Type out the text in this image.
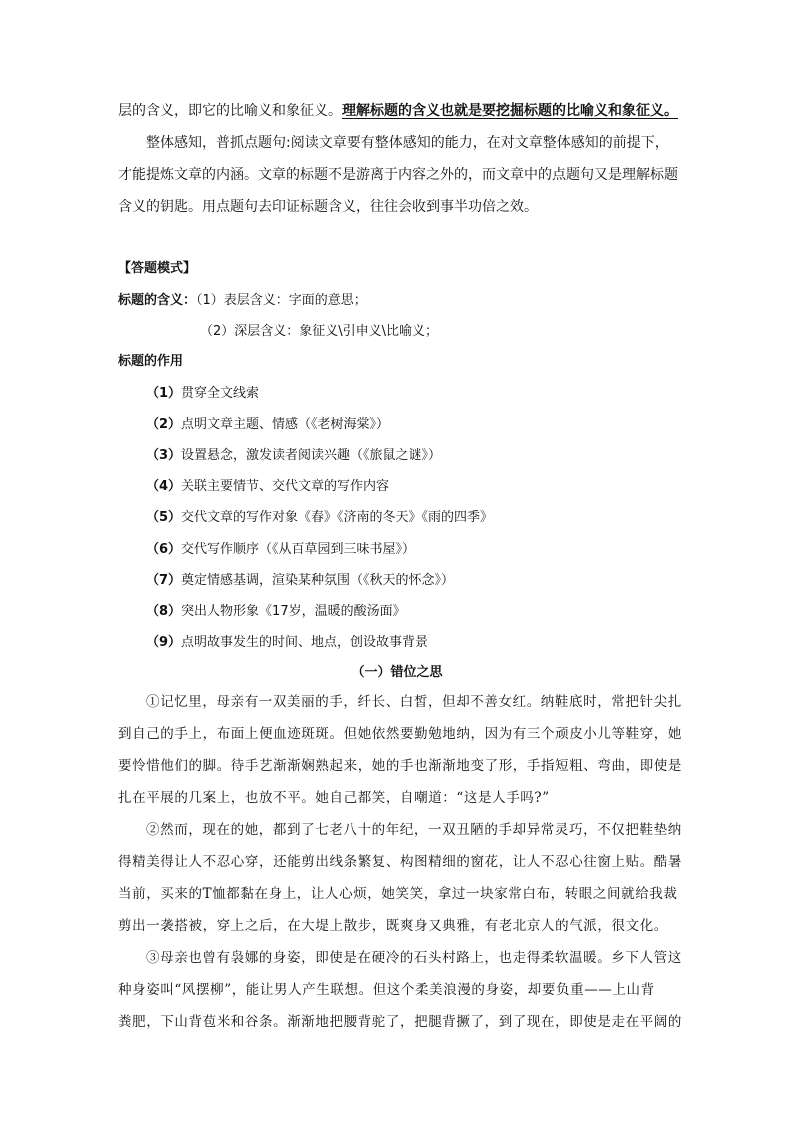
层的含义，即它的比喻义和象征义。理解标题的含义也就是要挖掘标题的比喻义和象征义。
整体感知，普抓点题句:阅读文章要有整体感知的能力，在对文章整体感知的前提下，
才能提炼文章的内涵。文章的标题不是游离于内容之外的，而文章中的点题句又是理解标题
含义的钥匙。用点题句去印证标题含义，往往会收到事半功倍之效。
【答题模式】
标题的含义：（1）表层含义：字面的意思；
（2）深层含义：象征义\引申义\比喻义；
标题的作用
（1）贯穿全文线索
（2）点明文章主题、情感（《老树海棠》）
（3）设置悬念，激发读者阅读兴趣（《旅鼠之谜》）
（4）关联主要情节、交代文章的写作内容
（5）交代文章的写作对象《春》《济南的冬天》《雨的四季》
（6）交代写作顺序（《从百草园到三味书屋》）
（7）奠定情感基调，渲染某种氛围（《秋天的怀念》）
（8）突出人物形象《17岁，温暖的酸汤面》
（9）点明故事发生的时间、地点，创设故事背景
（一）错位之思
①记忆里，母亲有一双美丽的手，纤长、白皙，但却不善女红。纳鞋底时，常把针尖扎
到自己的手上，布面上便血迹斑斑。但她依然要勤勉地纳，因为有三个顽皮小儿等鞋穿，她
要怜惜他们的脚。待手艺渐渐娴熟起来，她的手也渐渐地变了形，手指短粗、弯曲，即使是
扎在平展的几案上，也放不平。她自己都笑，自嘲道：“这是人手吗?”
②然而，现在的她，都到了七老八十的年纪，一双丑陋的手却异常灵巧，不仅把鞋垫纳
得精美得让人不忍心穿，还能剪出线条繁复、构图精细的窗花，让人不忍心往窗上贴。酷暑
当前，买来的T恤都黏在身上，让人心烦，她笑笑，拿过一块家常白布，转眼之间就给我裁
剪出一袭搭被，穿上之后，在大堤上散步，既爽身又典雅，有老北京人的气派，很文化。
③母亲也曾有袅娜的身姿，即使是在硬冷的石头村路上，也走得柔软温暖。乡下人管这
种身姿叫“风摆柳”，能让男人产生联想。但这个柔美浪漫的身姿，却要负重——上山背
粪肥，下山背苞米和谷条。渐渐地把腰背驼了，把腿背撅了，到了现在，即使是走在平阔的
